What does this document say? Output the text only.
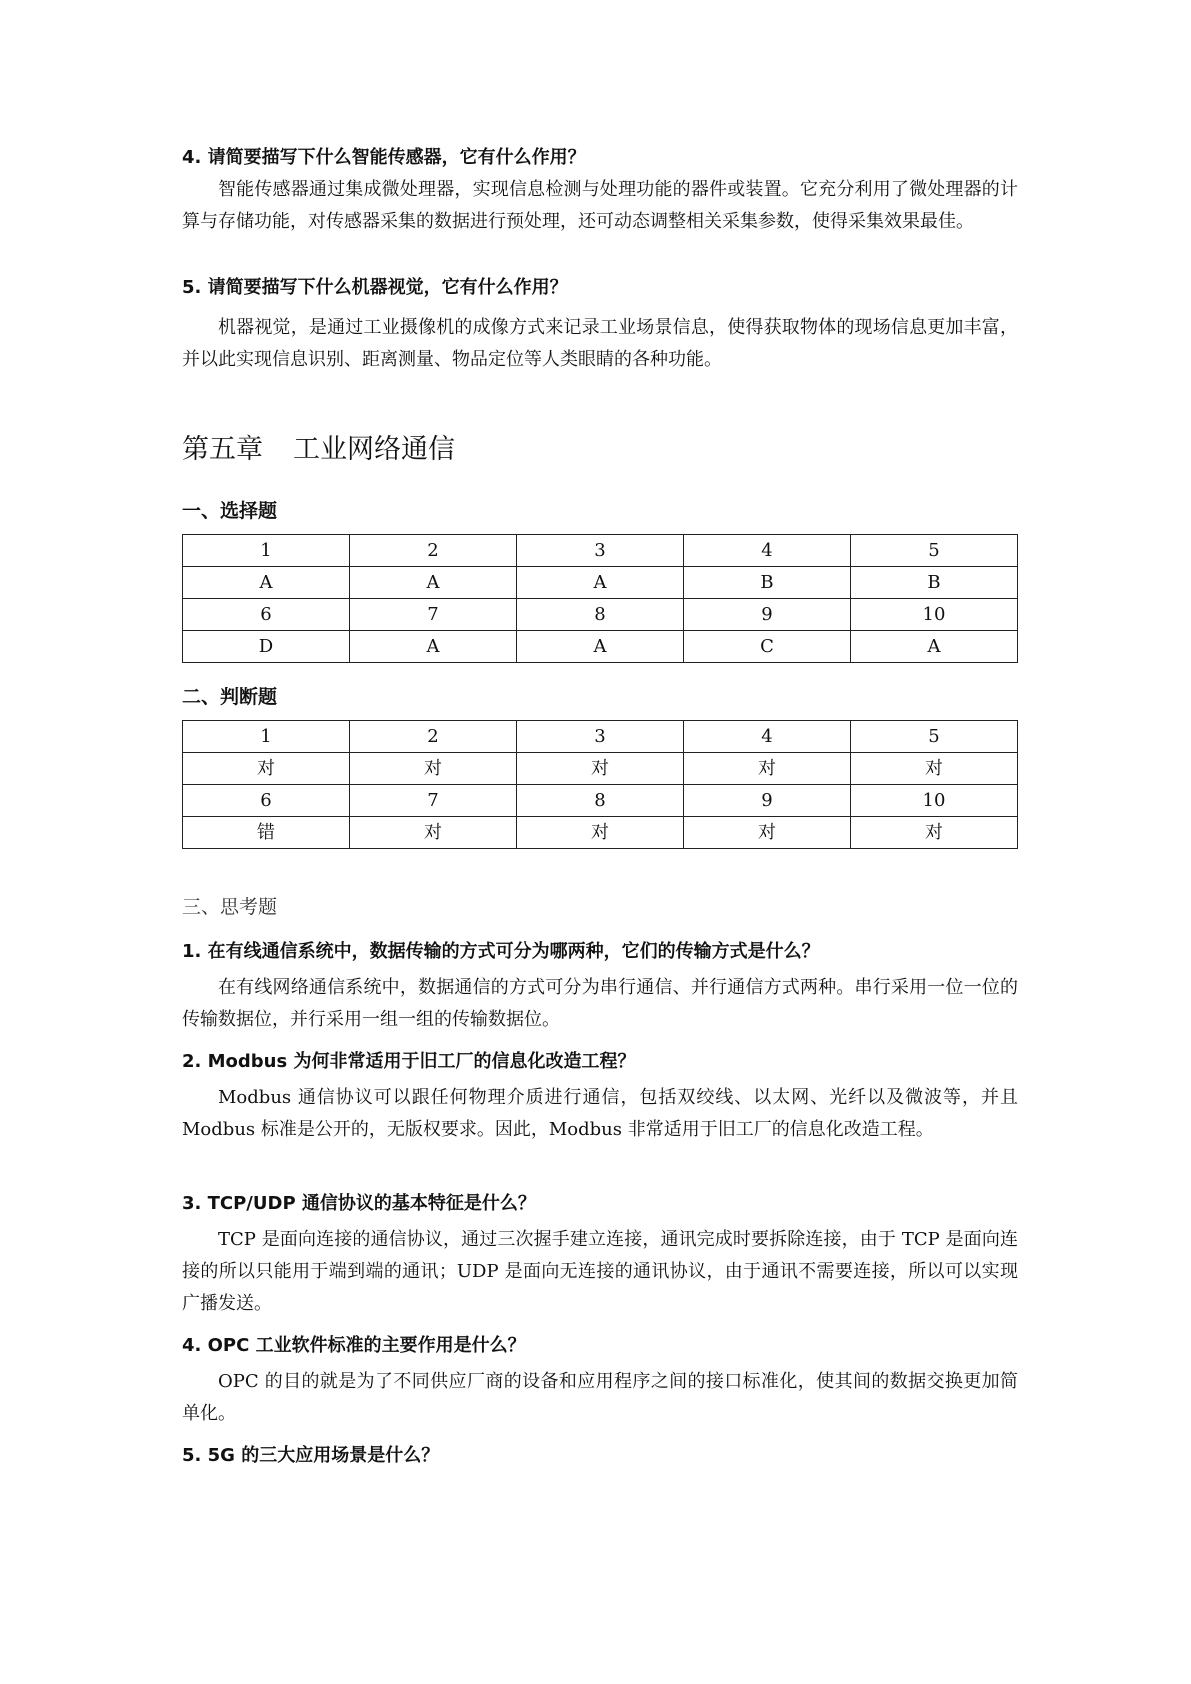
4. 请简要描写下什么智能传感器，它有什么作用？

智能传感器通过集成微处理器，实现信息检测与处理功能的器件或装置。它充分利用了微处理器的计算与存储功能，对传感器采集的数据进行预处理，还可动态调整相关采集参数，使得采集效果最佳。

5. 请简要描写下什么机器视觉，它有什么作用？

机器视觉，是通过工业摄像机的成像方式来记录工业场景信息，使得获取物体的现场信息更加丰富，并以此实现信息识别、距离测量、物品定位等人类眼睛的各种功能。

第五章 工业网络通信
一、选择题
1	2	3	4	5
A	A	A	B	B
6	7	8	9	10
D	A	A	C	A
二、判断题
1	2	3	4	5
对	对	对	对	对
6	7	8	9	10
错	对	对	对	对
三、思考题

1. 在有线通信系统中，数据传输的方式可分为哪两种，它们的传输方式是什么？

在有线网络通信系统中，数据通信的方式可分为串行通信、并行通信方式两种。串行采用一位一位的传输数据位，并行采用一组一组的传输数据位。

2. Modbus 为何非常适用于旧工厂的信息化改造工程？

Modbus 通信协议可以跟任何物理介质进行通信，包括双绞线、以太网、光纤以及微波等，并且 Modbus 标准是公开的，无版权要求。因此，Modbus 非常适用于旧工厂的信息化改造工程。

3. TCP/UDP 通信协议的基本特征是什么？

TCP 是面向连接的通信协议，通过三次握手建立连接，通讯完成时要拆除连接，由于 TCP 是面向连接的所以只能用于端到端的通讯；UDP 是面向无连接的通讯协议，由于通讯不需要连接，所以可以实现广播发送。

4. OPC 工业软件标准的主要作用是什么？

OPC 的目的就是为了不同供应厂商的设备和应用程序之间的接口标准化，使其间的数据交换更加简单化。

5. 5G 的三大应用场景是什么？
